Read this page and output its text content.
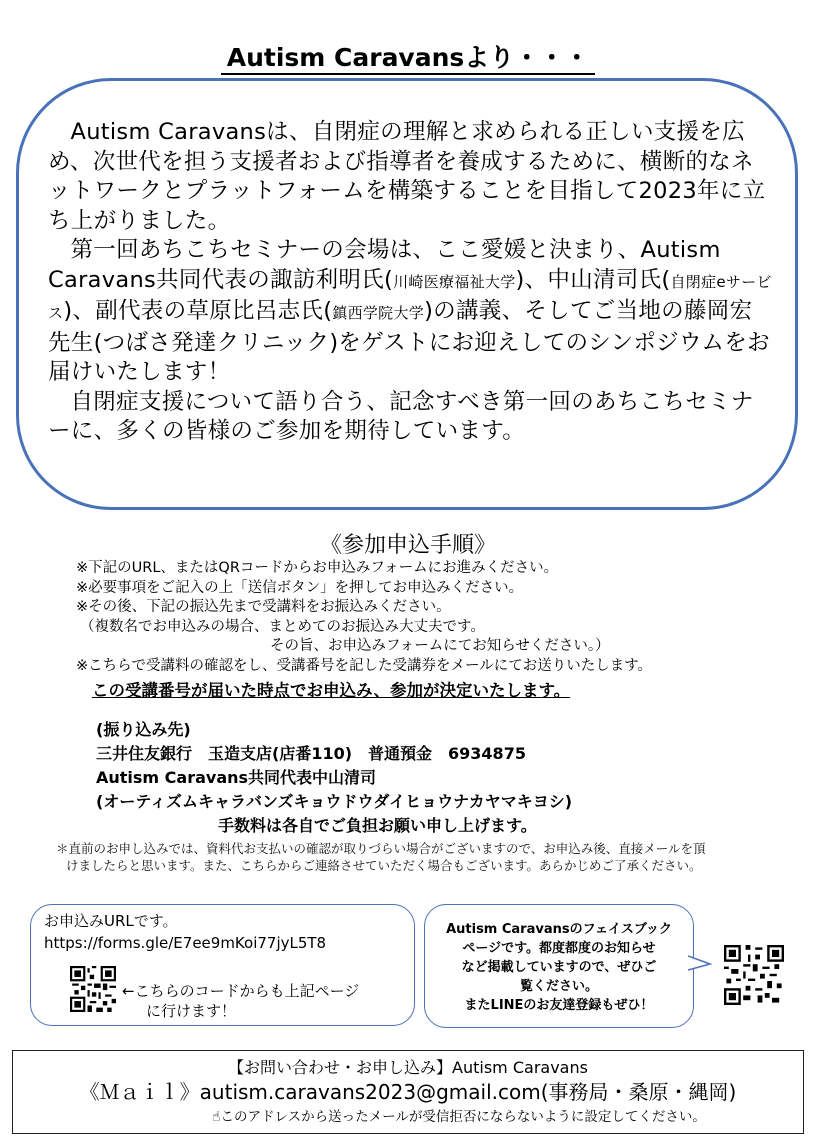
Autism Caravansより・・・

Autism Caravansは、自閉症の理解と求められる正しい支援を広め、次世代を担う支援者および指導者を養成するために、横断的なネットワークとプラットフォームを構築することを目指して2023年に立ち上がりました。

第一回あちこちセミナーの会場は、ここ愛媛と決まり、Autism Caravans共同代表の諏訪利明氏(川崎医療福祉大学)、中山清司氏(自閉症eサービス)、副代表の草原比呂志氏(鎮西学院大学)の講義、そしてご当地の藤岡宏先生(つばさ発達クリニック)をゲストにお迎えしてのシンポジウムをお届けいたします！

自閉症支援について語り合う、記念すべき第一回のあちこちセミナーに、多くの皆様のご参加を期待しています。

《参加申込手順》
※下記のURL、またはQRコードからお申込みフォームにお進みください。
※必要事項をご記入の上「送信ボタン」を押してお申込みください。
※その後、下記の振込先まで受講料をお振込みください。
（複数名でお申込みの場合、まとめてのお振込み大丈夫です。
その旨、お申込みフォームにてお知らせください。）
※こちらで受講料の確認をし、受講番号を記した受講券をメールにてお送りいたします。
この受講番号が届いた時点でお申込み、参加が決定いたします。
(振り込み先)
三井住友銀行　玉造支店(店番110)　普通預金　6934875
Autism Caravans共同代表中山清司
(オーティズムキャラバンズキョウドウダイヒョウナカヤマキヨシ)
手数料は各自でご負担お願い申し上げます。
＊直前のお申し込みでは、資料代お支払いの確認が取りづらい場合がございますので、お申込み後、直接メールを頂
けましたらと思います。また、こちらからご連絡させていただく場合もございます。あらかじめご了承ください。
お申込みURLです。
https://forms.gle/E7ee9mKoi77jyL5T8
←こちらのコードからも上記ページ
に行けます！
Autism Caravansのフェイスブック
ページです。都度都度のお知らせ
など掲載していますので、ぜひご
覧ください。
またLINEのお友達登録もぜひ！
【お問い合わせ・お申し込み】Autism Caravans
《Ｍａｉｌ》autism.caravans2023@gmail.com(事務局・桑原・縄岡)
☝このアドレスから送ったメールが受信拒否にならないように設定してください。
